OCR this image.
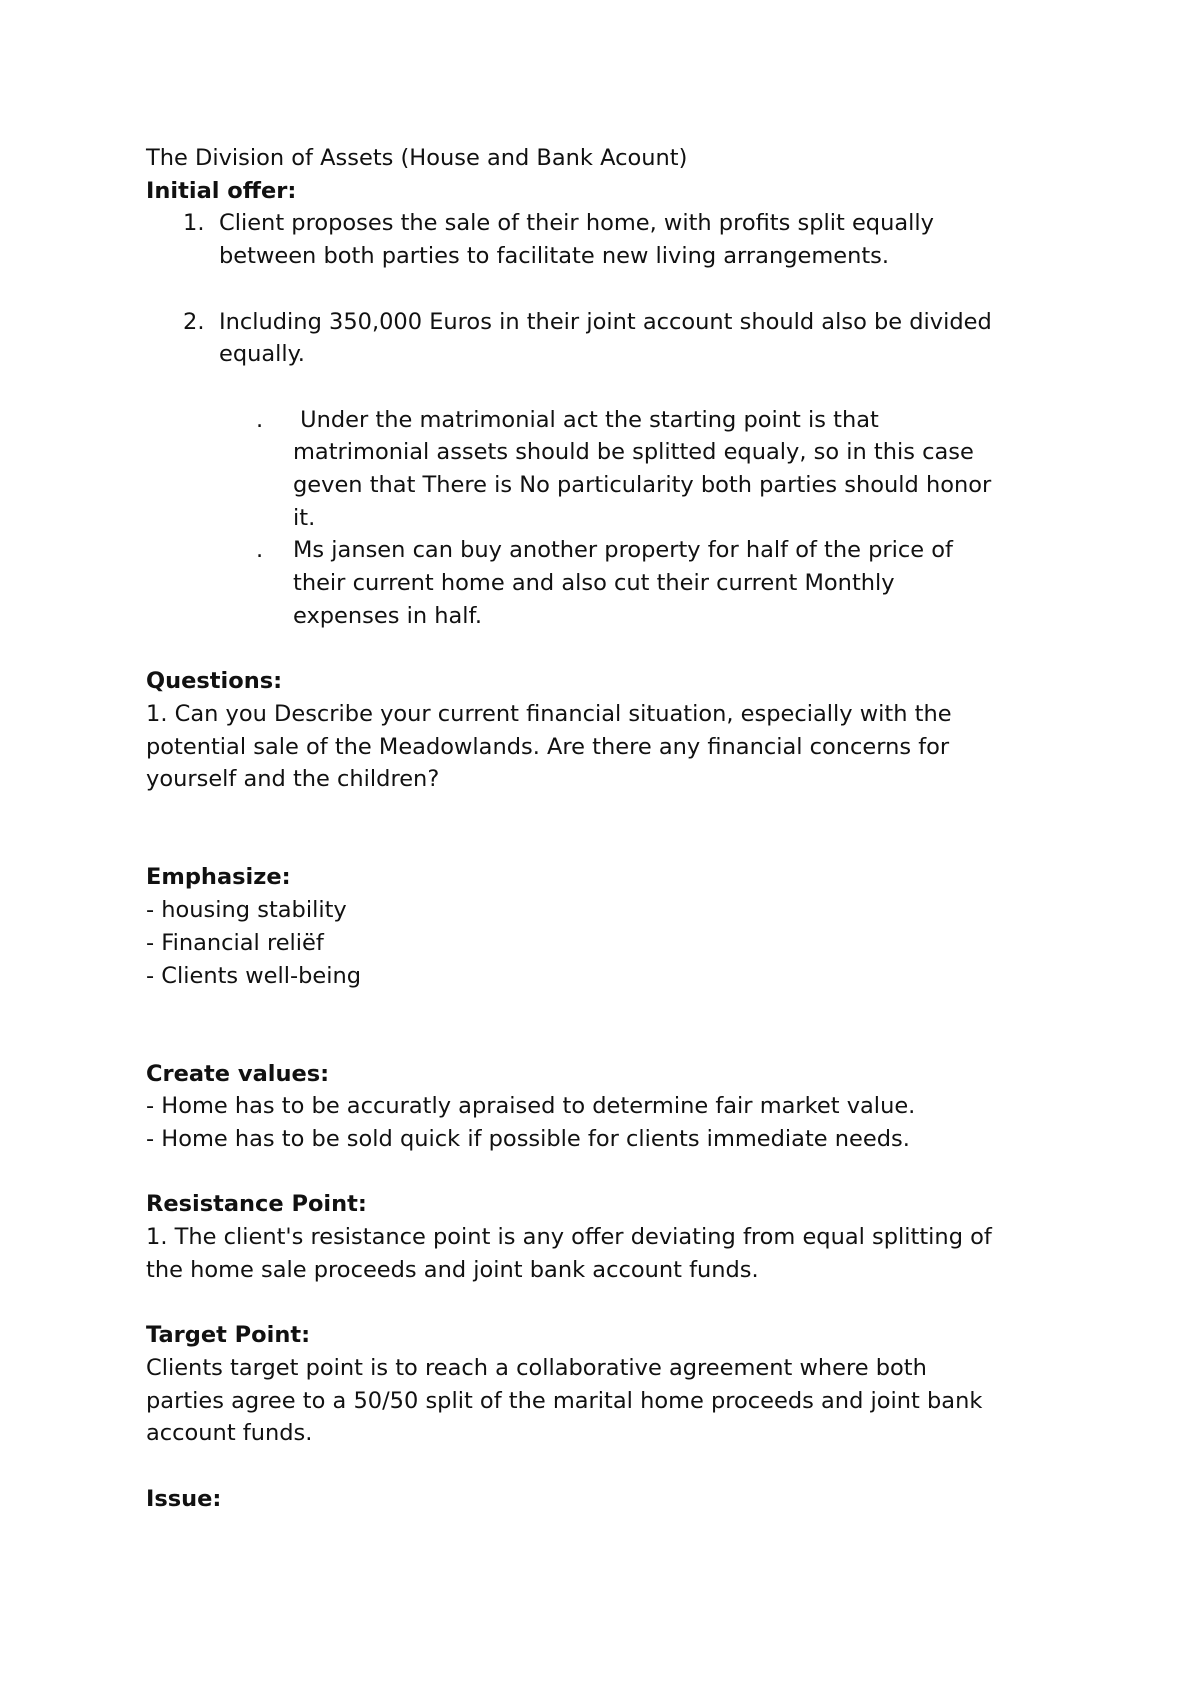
The Division of Assets (House and Bank Acount)
Initial offer:
1. Client proposes the sale of their home, with profits split equally
between both parties to facilitate new living arrangements.
2. Including 350,000 Euros in their joint account should also be divided
equally.
. Under the matrimonial act the starting point is that
matrimonial assets should be splitted equaly, so in this case
geven that There is No particularity both parties should honor
it.
. Ms jansen can buy another property for half of the price of
their current home and also cut their current Monthly
expenses in half.
Questions:
1. Can you Describe your current financial situation, especially with the
potential sale of the Meadowlands. Are there any financial concerns for
yourself and the children?
Emphasize:
- housing stability
- Financial reliëf
- Clients well-being
Create values:
- Home has to be accuratly apraised to determine fair market value.
- Home has to be sold quick if possible for clients immediate needs.
Resistance Point:
1. The client's resistance point is any offer deviating from equal splitting of
the home sale proceeds and joint bank account funds.
Target Point:
Clients target point is to reach a collaborative agreement where both
parties agree to a 50/50 split of the marital home proceeds and joint bank
account funds.
Issue:
